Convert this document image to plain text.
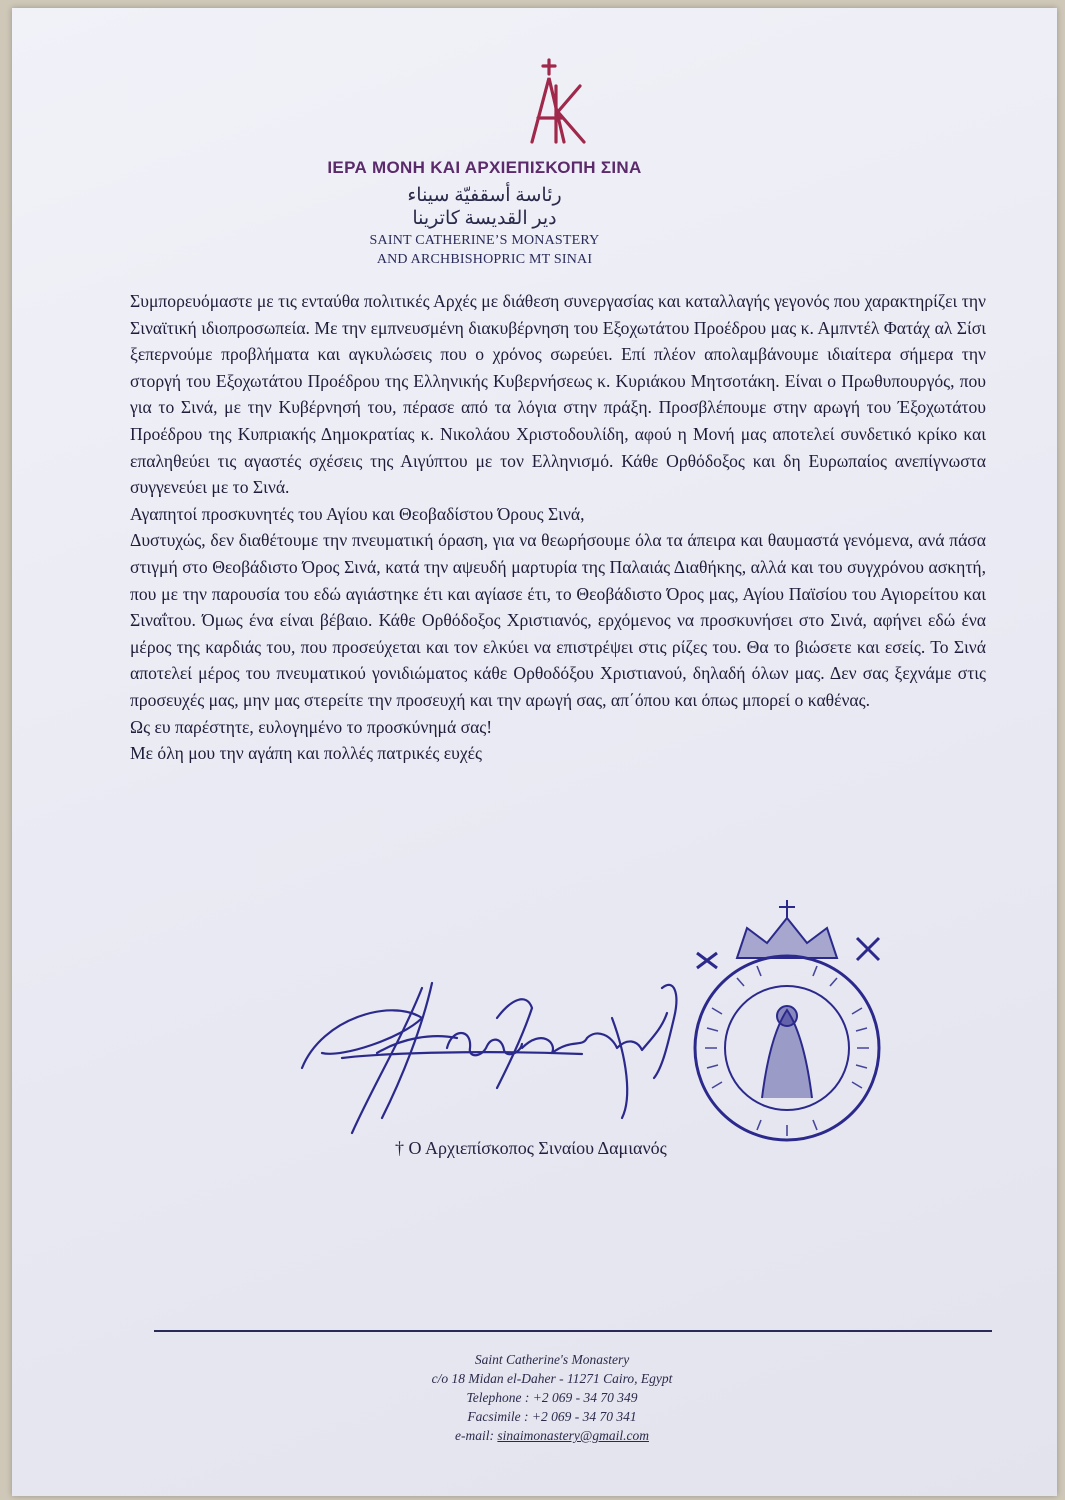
ΙΕΡΑ ΜΟΝΗ ΚΑΙ ΑΡΧΙΕΠΙΣΚΟΠΗ ΣΙΝΑ
رئاسة أسقفيّة سيناء
دير القديسة كاترينا
SAINT CATHERINE’S MONASTERY
AND ARCHBISHOPRIC MT SINAI

Συμπορευόμαστε με τις ενταύθα πολιτικές Αρχές με διάθεση συνεργασίας και καταλλαγής γεγονός που χαρακτηρίζει την Σιναϊτική ιδιοπροσωπεία. Με την εμπνευσμένη διακυβέρνηση του Εξοχωτάτου Προέδρου μας κ. Αμπντέλ Φατάχ αλ Σίσι ξεπερνούμε προβλήματα και αγκυλώσεις που ο χρόνος σωρεύει. Επί πλέον απολαμβάνουμε ιδιαίτερα σήμερα την στοργή του Εξοχωτάτου Προέδρου της Ελληνικής Κυβερνήσεως κ. Κυριάκου Μητσοτάκη. Είναι ο Πρωθυπουργός, που για το Σινά, με την Κυβέρνησή του, πέρασε από τα λόγια στην πράξη. Προσβλέπουμε στην αρωγή του Έξοχωτάτου Προέδρου της Κυπριακής Δημοκρατίας κ. Νικολάου Χριστοδουλίδη, αφού η Μονή μας αποτελεί συνδετικό κρίκο και επαληθεύει τις αγαστές σχέσεις της Αιγύπτου με τον Ελληνισμό. Κάθε Ορθόδοξος και δη Ευρωπαίος ανεπίγνωστα συγγενεύει με το Σινά.

Αγαπητοί προσκυνητές του Αγίου και Θεοβαδίστου Όρους Σινά,

Δυστυχώς, δεν διαθέτουμε την πνευματική όραση, για να θεωρήσουμε όλα τα άπειρα και θαυμαστά γενόμενα, ανά πάσα στιγμή στο Θεοβάδιστο Όρος Σινά, κατά την αψευδή μαρτυρία της Παλαιάς Διαθήκης, αλλά και του συγχρόνου ασκητή, που με την παρουσία του εδώ αγιάστηκε έτι και αγίασε έτι, το Θεοβάδιστο Όρος μας, Αγίου Παϊσίου του Αγιορείτου και Σιναΐτου. Όμως ένα είναι βέβαιο. Κάθε Ορθόδοξος Χριστιανός, ερχόμενος να προσκυνήσει στο Σινά, αφήνει εδώ ένα μέρος της καρδιάς του, που προσεύχεται και τον ελκύει να επιστρέψει στις ρίζες του. Θα το βιώσετε και εσείς. Το Σινά αποτελεί μέρος του πνευματικού γονιδιώματος κάθε Ορθοδόξου Χριστιανού, δηλαδή όλων μας. Δεν σας ξεχνάμε στις προσευχές μας, μην μας στερείτε την προσευχή και την αρωγή σας, απ΄όπου και όπως μπορεί ο καθένας.

Ως ευ παρέστητε, ευλογημένο το προσκύνημά σας!

Με όλη μου την αγάπη και πολλές πατρικές ευχές

† Ο Αρχιεπίσκοπος Σιναίου Δαμιανός
Saint Catherine's Monastery
c/o 18 Midan el-Daher - 11271 Cairo, Egypt
Telephone : +2 069 - 34 70 349
Facsimile : +2 069 - 34 70 341
e-mail: sinaimonastery@gmail.com
